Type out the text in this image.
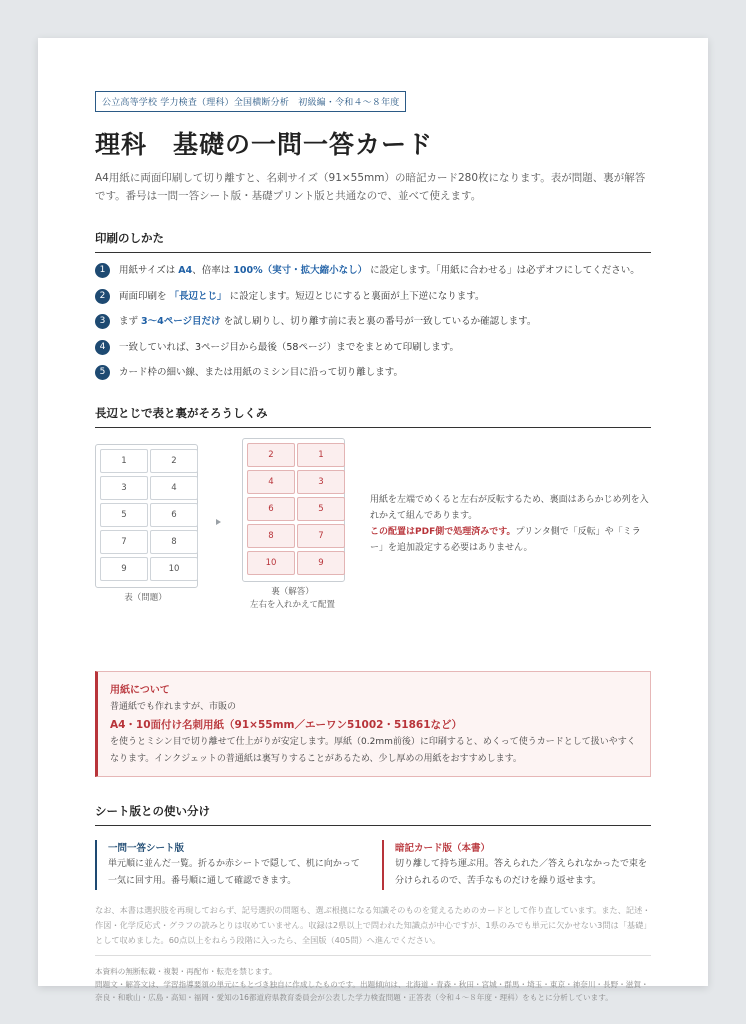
公立高等学校 学力検査（理科）全国横断分析　初級編・令和４～８年度
理科　基礎の一問一答カード

A4用紙に両面印刷して切り離すと、名刺サイズ（91×55mm）の暗記カード280枚になります。表が問題、裏が解答です。番号は一問一答シート版・基礎プリント版と共通なので、並べて使えます。

印刷のしかた
1	用紙サイズは A4、倍率は 100%（実寸・拡大縮小なし） に設定します。「用紙に合わせる」は必ずオフにしてください。
2	両面印刷を 「長辺とじ」 に設定します。短辺とじにすると裏面が上下逆になります。
3	まず 3～4ページ目だけ を試し刷りし、切り離す前に表と裏の番号が一致しているか確認します。
4	一致していれば、3ページ目から最後（58ページ）までをまとめて印刷します。
5	カード枠の細い線、または用紙のミシン目に沿って切り離します。
長辺とじで表と裏がそろうしくみ
1	2
3	4
5	6
7	8
9	10
2	1
4	3
6	5
8	7
10	9
表（問題）
裏（解答）
左右を入れかえて配置
用紙を左端でめくると左右が反転するため、裏面はあらかじめ列を入れかえて組んであります。
この配置はPDF側で処理済みです。プリンタ側で「反転」や「ミラー」を追加設定する必要はありません。
用紙について
普通紙でも作れますが、市販の
A4・10面付け名刺用紙（91×55mm／エーワン51002・51861など）
を使うとミシン目で切り離せて仕上がりが安定します。厚紙（0.2mm前後）に印刷すると、めくって使うカードとして扱いやすくなります。インクジェットの普通紙は裏写りすることがあるため、少し厚めの用紙をおすすめします。
シート版との使い分け
一問一答シート版
単元順に並んだ一覧。折るか赤シートで隠して、机に向かって一気に回す用。番号順に通して確認できます。
暗記カード版（本書）
切り離して持ち運ぶ用。答えられた／答えられなかったで束を分けられるので、苦手なものだけを繰り返せます。
なお、本書は選択肢を再現しておらず、記号選択の問題も、選ぶ根拠になる知識そのものを覚えるためのカードとして作り直しています。また、記述・作図・化学反応式・グラフの読みとりは収めていません。収録は2県以上で問われた知識点が中心ですが、1県のみでも単元に欠かせない3問は「基礎」として収めました。60点以上をねらう段階に入ったら、全国版（405問）へ進んでください。
本資料の無断転載・複製・再配布・転売を禁じます。
問題文・解答文は、学習指導要領の単元にもとづき独自に作成したものです。出題傾向は、北海道・青森・秋田・宮城・群馬・埼玉・東京・神奈川・長野・滋賀・奈良・和歌山・広島・高知・福岡・愛知の16都道府県教育委員会が公表した学力検査問題・正答表（令和４～８年度・理科）をもとに分析しています。
